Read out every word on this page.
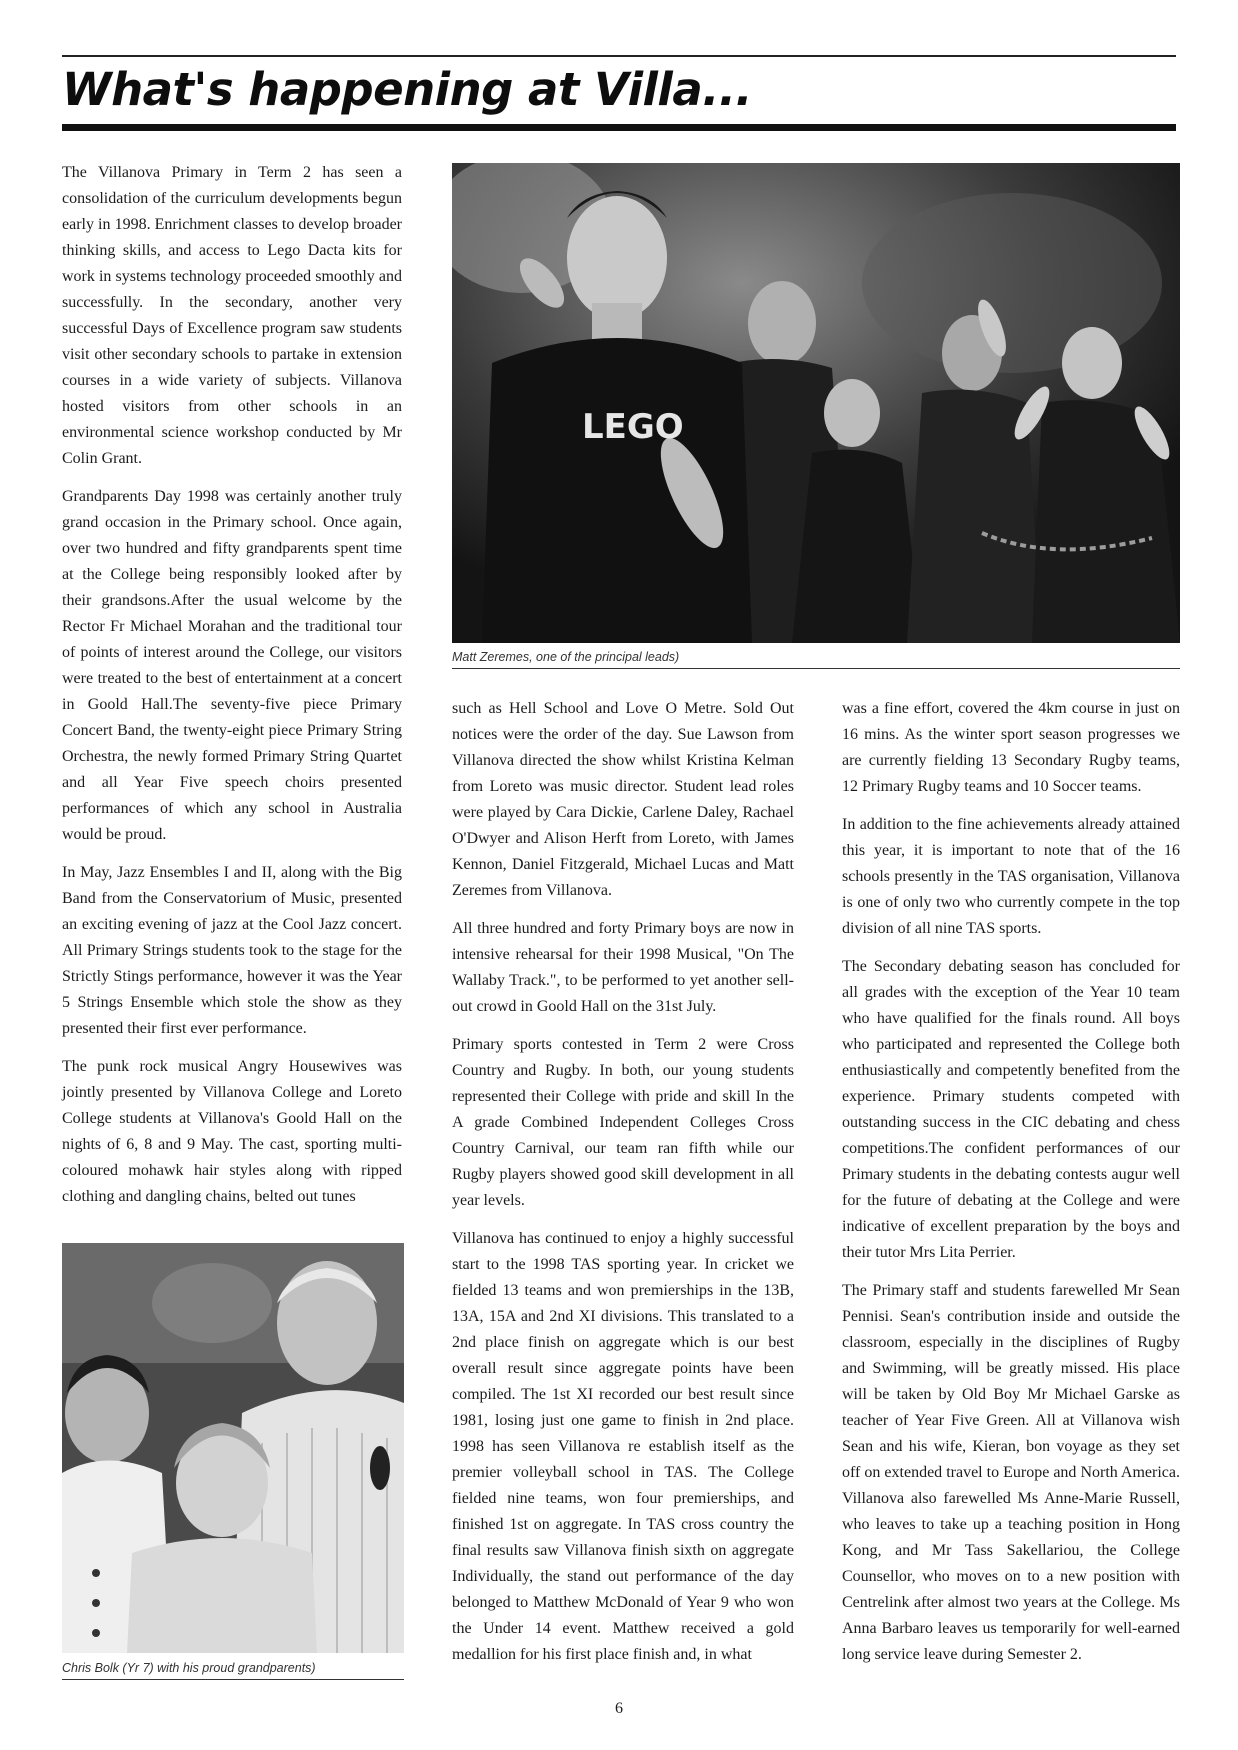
What's happening at Villa...

The Villanova Primary in Term 2 has seen a consolidation of the curriculum developments begun early in 1998. Enrichment classes to develop broader thinking skills, and access to Lego Dacta kits for work in systems technology proceeded smoothly and successfully. In the secondary, another very successful Days of Excellence program saw students visit other secondary schools to partake in extension courses in a wide variety of subjects. Villanova hosted visitors from other schools in an environmental science workshop conducted by Mr Colin Grant.

Grandparents Day 1998 was certainly another truly grand occasion in the Primary school. Once again, over two hundred and fifty grandparents spent time at the College being responsibly looked after by their grandsons.After the usual welcome by the Rector Fr Michael Morahan and the traditional tour of points of interest around the College, our visitors were treated to the best of entertainment at a concert in Goold Hall.The seventy-five piece Primary Concert Band, the twenty-eight piece Primary String Orchestra, the newly formed Primary String Quartet and all Year Five speech choirs presented performances of which any school in Australia would be proud.

In May, Jazz Ensembles I and II, along with the Big Band from the Conservatorium of Music, presented an exciting evening of jazz at the Cool Jazz concert. All Primary Strings students took to the stage for the Strictly Stings performance, however it was the Year 5 Strings Ensemble which stole the show as they presented their first ever performance.

The punk rock musical Angry Housewives was jointly presented by Villanova College and Loreto College students at Villanova's Goold Hall on the nights of 6, 8 and 9 May. The cast, sporting multi-coloured mohawk hair styles along with ripped clothing and dangling chains, belted out tunes

LEGO
Matt Zeremes, one of the principal leads)

such as Hell School and Love O Metre. Sold Out notices were the order of the day. Sue Lawson from Villanova directed the show whilst Kristina Kelman from Loreto was music director. Student lead roles were played by Cara Dickie, Carlene Daley, Rachael O'Dwyer and Alison Herft from Loreto, with James Kennon, Daniel Fitzgerald, Michael Lucas and Matt Zeremes from Villanova.

All three hundred and forty Primary boys are now in intensive rehearsal for their 1998 Musical, "On The Wallaby Track.", to be performed to yet another sell-out crowd in Goold Hall on the 31st July.

Primary sports contested in Term 2 were Cross Country and Rugby. In both, our young students represented their College with pride and skill In the A grade Combined Independent Colleges Cross Country Carnival, our team ran fifth while our Rugby players showed good skill development in all year levels.

Villanova has continued to enjoy a highly successful start to the 1998 TAS sporting year. In cricket we fielded 13 teams and won premierships in the 13B, 13A, 15A and 2nd XI divisions. This translated to a 2nd place finish on aggregate which is our best overall result since aggregate points have been compiled. The 1st XI recorded our best result since 1981, losing just one game to finish in 2nd place. 1998 has seen Villanova re establish itself as the premier volleyball school in TAS. The College fielded nine teams, won four premierships, and finished 1st on aggregate. In TAS cross country the final results saw Villanova finish sixth on aggregate Individually, the stand out performance of the day belonged to Matthew McDonald of Year 9 who won the Under 14 event. Matthew received a gold medallion for his first place finish and, in what

was a fine effort, covered the 4km course in just on 16 mins. As the winter sport season progresses we are currently fielding 13 Secondary Rugby teams, 12 Primary Rugby teams and 10 Soccer teams.

In addition to the fine achievements already attained this year, it is important to note that of the 16 schools presently in the TAS organisation, Villanova is one of only two who currently compete in the top division of all nine TAS sports.

The Secondary debating season has concluded for all grades with the exception of the Year 10 team who have qualified for the finals round. All boys who participated and represented the College both enthusiastically and competently benefited from the experience. Primary students competed with outstanding success in the CIC debating and chess competitions.The confident performances of our Primary students in the debating contests augur well for the future of debating at the College and were indicative of excellent preparation by the boys and their tutor Mrs Lita Perrier.

The Primary staff and students farewelled Mr Sean Pennisi. Sean's contribution inside and outside the classroom, especially in the disciplines of Rugby and Swimming, will be greatly missed. His place will be taken by Old Boy Mr Michael Garske as teacher of Year Five Green. All at Villanova wish Sean and his wife, Kieran, bon voyage as they set off on extended travel to Europe and North America. Villanova also farewelled Ms Anne-Marie Russell, who leaves to take up a teaching position in Hong Kong, and Mr Tass Sakellariou, the College Counsellor, who moves on to a new position with Centrelink after almost two years at the College. Ms Anna Barbaro leaves us temporarily for well-earned long service leave during Semester 2.

Chris Bolk (Yr 7) with his proud grandparents)
6
